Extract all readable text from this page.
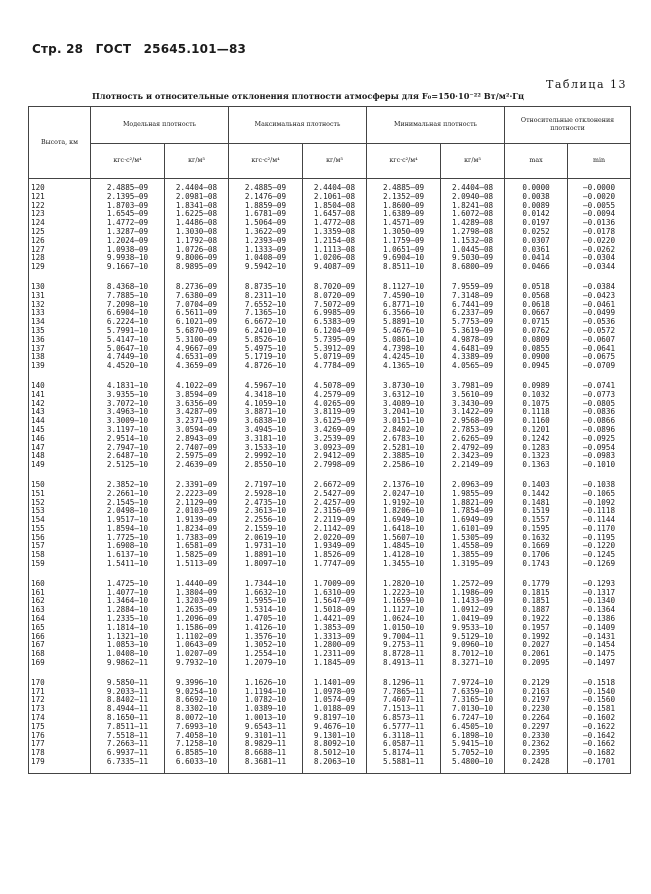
Стр. 28 ГОСТ 25645.101—83
Таблица 13
Плотность и относительные отклонения плотности атмосферы для F₀=150·10⁻²² Вт/м²·Гц
Высота, км	Модельная плотность		Максимальная плотность		Минимальная плотность		Относительные отклонения плотности	
	кгс·с²/м⁴	кг/м³	кгс·с²/м⁴	кг/м³	кгс·с²/м⁴	кг/м³	max	min
120	2.4885—09	2.4404—08	2.4885—09	2.4404—08	2.4885—09	2.4404—08	0.0000	—0.0000
121	2.1395—09	2.0981—08	2.1476—09	2.1061—08	2.1352—09	2.0940—08	0.0038	—0.0020
122	1.8703—09	1.8341—08	1.8859—09	1.8504—08	1.8600—09	1.8241—08	0.0089	—0.0055
123	1.6545—09	1.6225—08	1.6781—09	1.6457—08	1.6389—09	1.6072—08	0.0142	—0.0094
124	1.4772—09	1.4486—08	1.5064—09	1.4772—08	1.4571—09	1.4289—08	0.0197	—0.0136
125	1.3287—09	1.3030—08	1.3622—09	1.3359—08	1.3050—09	1.2798—08	0.0252	—0.0178
126	1.2024—09	1.1792—08	1.2393—09	1.2154—08	1.1759—09	1.1532—08	0.0307	—0.0220
127	1.0938—09	1.0726—08	1.1333—09	1.1113—08	1.0651—09	1.0445—08	0.0361	—0.0262
128	9.9938—10	9.8006—09	1.0408—09	1.0206—08	9.6904—10	9.5030—09	0.0414	—0.0304
129	9.1667—10	8.9895—09	9.5942—10	9.4087—09	8.8511—10	8.6800—09	0.0466	—0.0344
130	8.4368—10	8.2736—09	8.8735—10	8.7020—09	8.1127—10	7.9559—09	0.0518	—0.0384
131	7.7885—10	7.6380—09	8.2311—10	8.0720—09	7.4590—10	7.3148—09	0.0568	—0.0423
132	7.2098—10	7.0704—09	7.6552—10	7.5072—09	6.8771—10	6.7441—09	0.0618	—0.0461
133	6.6904—10	6.5611—09	7.1365—10	6.9985—09	6.3566—10	6.2337—09	0.0667	—0.0499
134	6.2224—10	6.1021—09	6.6672—10	6.5383—09	5.8891—10	5.7753—09	0.0715	—0.0536
135	5.7991—10	5.6870—09	6.2410—10	6.1204—09	5.4676—10	5.3619—09	0.0762	—0.0572
136	5.4147—10	5.3100—09	5.8526—10	5.7395—09	5.0861—10	4.9878—09	0.0809	—0.0607
137	5.0647—10	4.9667—09	5.4975—10	5.3912—09	4.7398—10	4.6481—09	0.0855	—0.0641
138	4.7449—10	4.6531—09	5.1719—10	5.0719—09	4.4245—10	4.3389—09	0.0900	—0.0675
139	4.4520—10	4.3659—09	4.8726—10	4.7784—09	4.1365—10	4.0565—09	0.0945	—0.0709
140	4.1831—10	4.1022—09	4.5967—10	4.5078—09	3.8730—10	3.7981—09	0.0989	—0.0741
141	3.9355—10	3.8594—09	4.3418—10	4.2579—09	3.6312—10	3.5610—09	0.1032	—0.0773
142	3.7072—10	3.6356—09	4.1059—10	4.0265—09	3.4089—10	3.3430—09	0.1075	—0.0805
143	3.4963—10	3.4287—09	3.8871—10	3.8119—09	3.2041—10	3.1422—09	0.1118	—0.0836
144	3.3009—10	3.2371—09	3.6838—10	3.6125—09	3.0151—10	2.9568—09	0.1160	—0.0866
145	3.1197—10	3.0594—09	3.4945—10	3.4269—09	2.8402—10	2.7853—09	0.1201	—0.0896
146	2.9514—10	2.8943—09	3.3181—10	3.2539—09	2.6783—10	2.6265—09	0.1242	—0.0925
147	2.7947—10	2.7407—09	3.1533—10	3.0923—09	2.5281—10	2.4792—09	0.1283	—0.0954
148	2.6487—10	2.5975—09	2.9992—10	2.9412—09	2.3885—10	2.3423—09	0.1323	—0.0983
149	2.5125—10	2.4639—09	2.8550—10	2.7998—09	2.2586—10	2.2149—09	0.1363	—0.1010
150	2.3852—10	2.3391—09	2.7197—10	2.6672—09	2.1376—10	2.0963—09	0.1403	—0.1038
151	2.2661—10	2.2223—09	2.5928—10	2.5427—09	2.0247—10	1.9855—09	0.1442	—0.1065
152	2.1545—10	2.1129—09	2.4735—10	2.4257—09	1.9192—10	1.8821—09	0.1481	—0.1092
153	2.0498—10	2.0103—09	2.3613—10	2.3156—09	1.8206—10	1.7854—09	0.1519	—0.1118
154	1.9517—10	1.9139—09	2.2556—10	2.2119—09	1.6949—10	1.6949—09	0.1557	—0.1144
155	1.8594—10	1.8234—09	2.1559—10	2.1142—09	1.6418—10	1.6101—09	0.1595	—0.1170
156	1.7725—10	1.7383—09	2.0619—10	2.0220—09	1.5607—10	1.5305—09	0.1632	—0.1195
157	1.6908—10	1.6581—09	1.9731—10	1.9349—09	1.4845—10	1.4558—09	0.1669	—0.1220
158	1.6137—10	1.5825—09	1.8891—10	1.8526—09	1.4128—10	1.3855—09	0.1706	—0.1245
159	1.5411—10	1.5113—09	1.8097—10	1.7747—09	1.3455—10	1.3195—09	0.1743	—0.1269
160	1.4725—10	1.4440—09	1.7344—10	1.7009—09	1.2820—10	1.2572—09	0.1779	—0.1293
161	1.4077—10	1.3804—09	1.6632—10	1.6310—09	1.2223—10	1.1986—09	0.1815	—0.1317
162	1.3464—10	1.3203—09	1.5955—10	1.5647—09	1.1659—10	1.1433—09	0.1851	—0.1340
163	1.2884—10	1.2635—09	1.5314—10	1.5018—09	1.1127—10	1.0912—09	0.1887	—0.1364
164	1.2335—10	1.2096—09	1.4705—10	1.4421—09	1.0624—10	1.0419—09	0.1922	—0.1386
165	1.1814—10	1.1586—09	1.4126—10	1.3853—09	1.0150—10	9.9533—10	0.1957	—0.1409
166	1.1321—10	1.1102—09	1.3576—10	1.3313—09	9.7004—11	9.5129—10	0.1992	—0.1431
167	1.0853—10	1.0643—09	1.3052—10	1.2800—09	9.2753—11	9.0960—10	0.2027	—0.1454
168	1.0408—10	1.0207—09	1.2554—10	1.2311—09	8.8728—11	8.7012—10	0.2061	—0.1475
169	9.9862—11	9.7932—10	1.2079—10	1.1845—09	8.4913—11	8.3271—10	0.2095	—0.1497
170	9.5850—11	9.3996—10	1.1626—10	1.1401—09	8.1296—11	7.9724—10	0.2129	—0.1518
171	9.2033—11	9.0254—10	1.1194—10	1.0978—09	7.7865—11	7.6359—10	0.2163	—0.1540
172	8.8402—11	8.6692—10	1.0782—10	1.0574—09	7.4607—11	7.3165—10	0.2197	—0.1560
173	8.4944—11	8.3302—10	1.0389—10	1.0188—09	7.1513—11	7.0130—10	0.2230	—0.1581
174	8.1650—11	8.0072—10	1.0013—10	9.8197—10	6.8573—11	6.7247—10	0.2264	—0.1602
175	7.8511—11	7.6993—10	9.6543—11	9.4676—10	6.5777—11	6.4505—10	0.2297	—0.1622
176	7.5518—11	7.4058—10	9.3101—11	9.1301—10	6.3118—11	6.1898—10	0.2330	—0.1642
177	7.2663—11	7.1258—10	8.9829—11	8.8092—10	6.0587—11	5.9415—10	0.2362	—0.1662
178	6.9937—11	6.8585—10	8.6688—11	8.5012—10	5.8174—11	5.7052—10	0.2395	—0.1682
179	6.7335—11	6.6033—10	8.3681—11	8.2063—10	5.5881—11	5.4800—10	0.2428	—0.1701
